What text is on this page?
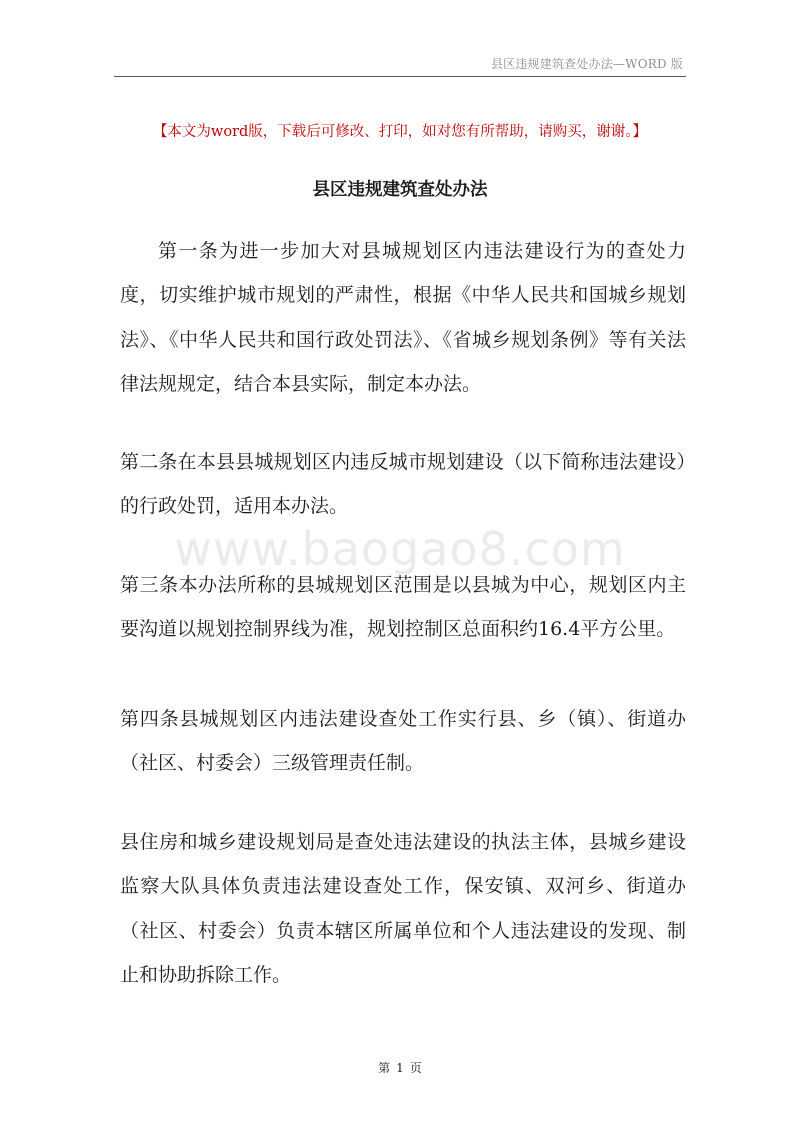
县区违规建筑查处办法—WORD 版
【本文为word版，下载后可修改、打印，如对您有所帮助，请购买，谢谢。】
县区违规建筑查处办法
www.baogao8.com

第一条为进一步加大对县城规划区内违法建设行为的查处力度，切实维护城市规划的严肃性，根据《中华人民共和国城乡规划法》、《中华人民共和国行政处罚法》、《省城乡规划条例》等有关法律法规规定，结合本县实际，制定本办法。

第二条在本县县城规划区内违反城市规划建设（以下简称违法建设）的行政处罚，适用本办法。

第三条本办法所称的县城规划区范围是以县城为中心，规划区内主要沟道以规划控制界线为准，规划控制区总面积约16.4平方公里。

第四条县城规划区内违法建设查处工作实行县、乡（镇）、街道办（社区、村委会）三级管理责任制。

县住房和城乡建设规划局是查处违法建设的执法主体，县城乡建设监察大队具体负责违法建设查处工作，保安镇、双河乡、街道办（社区、村委会）负责本辖区所属单位和个人违法建设的发现、制止和协助拆除工作。

第 1 页
